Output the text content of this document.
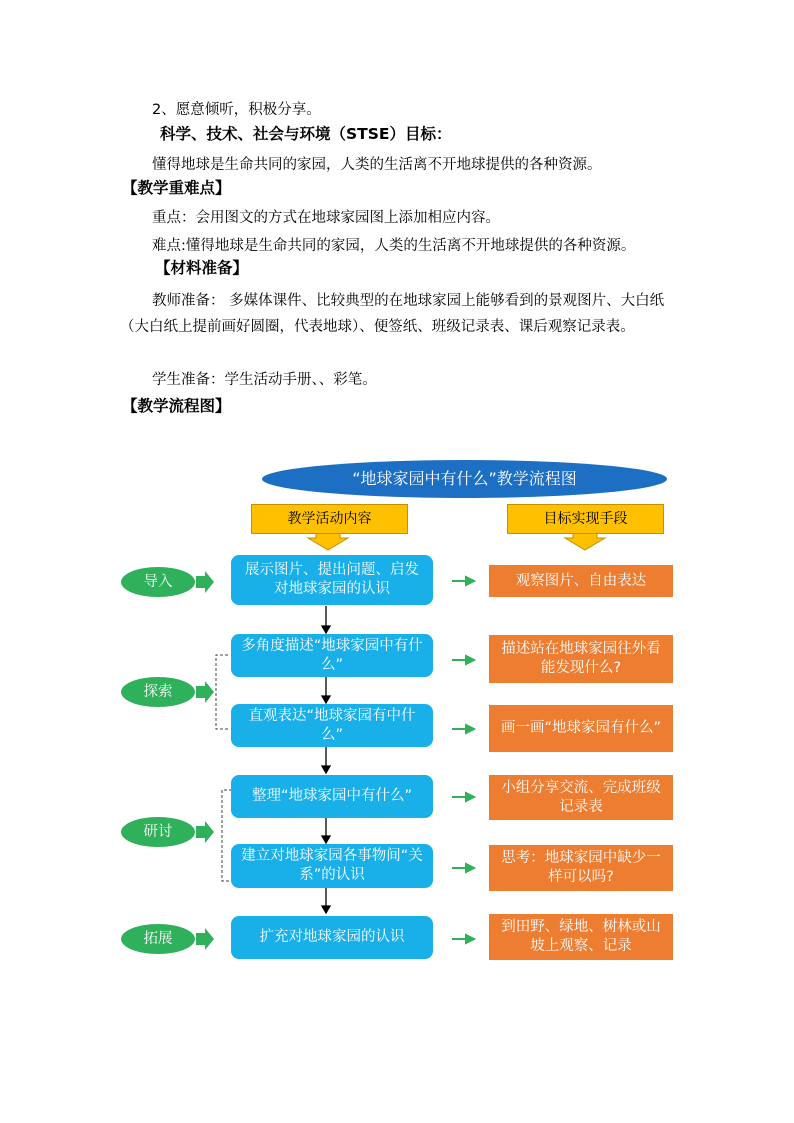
2、愿意倾听，积极分享。
科学、技术、社会与环境（STSE）目标：
懂得地球是生命共同的家园，人类的生活离不开地球提供的各种资源。
【教学重难点】
重点：会用图文的方式在地球家园图上添加相应内容。
难点:懂得地球是生命共同的家园，人类的生活离不开地球提供的各种资源。
【材料准备】
教师准备： 多媒体课件、比较典型的在地球家园上能够看到的景观图片、大白纸（大白纸上提前画好圆圈，代表地球）、便签纸、班级记录表、课后观察记录表。
学生准备：学生活动手册、、彩笔。
【教学流程图】
“地球家园中有什么”教学流程图
教学活动内容	目标实现手段
导入
探索
研讨
拓展
展示图片、提出问题、启发对地球家园的认识
多角度描述“地球家园中有什么”
直观表达“地球家园有中什么”
整理“地球家园中有什么”
建立对地球家园各事物间“关系”的认识
扩充对地球家园的认识
观察图片、自由表达
描述站在地球家园往外看能发现什么?
画一画“地球家园有什么”
小组分享交流、完成班级记录表
思考：地球家园中缺少一样可以吗?
到田野、绿地、树林或山坡上观察、记录
